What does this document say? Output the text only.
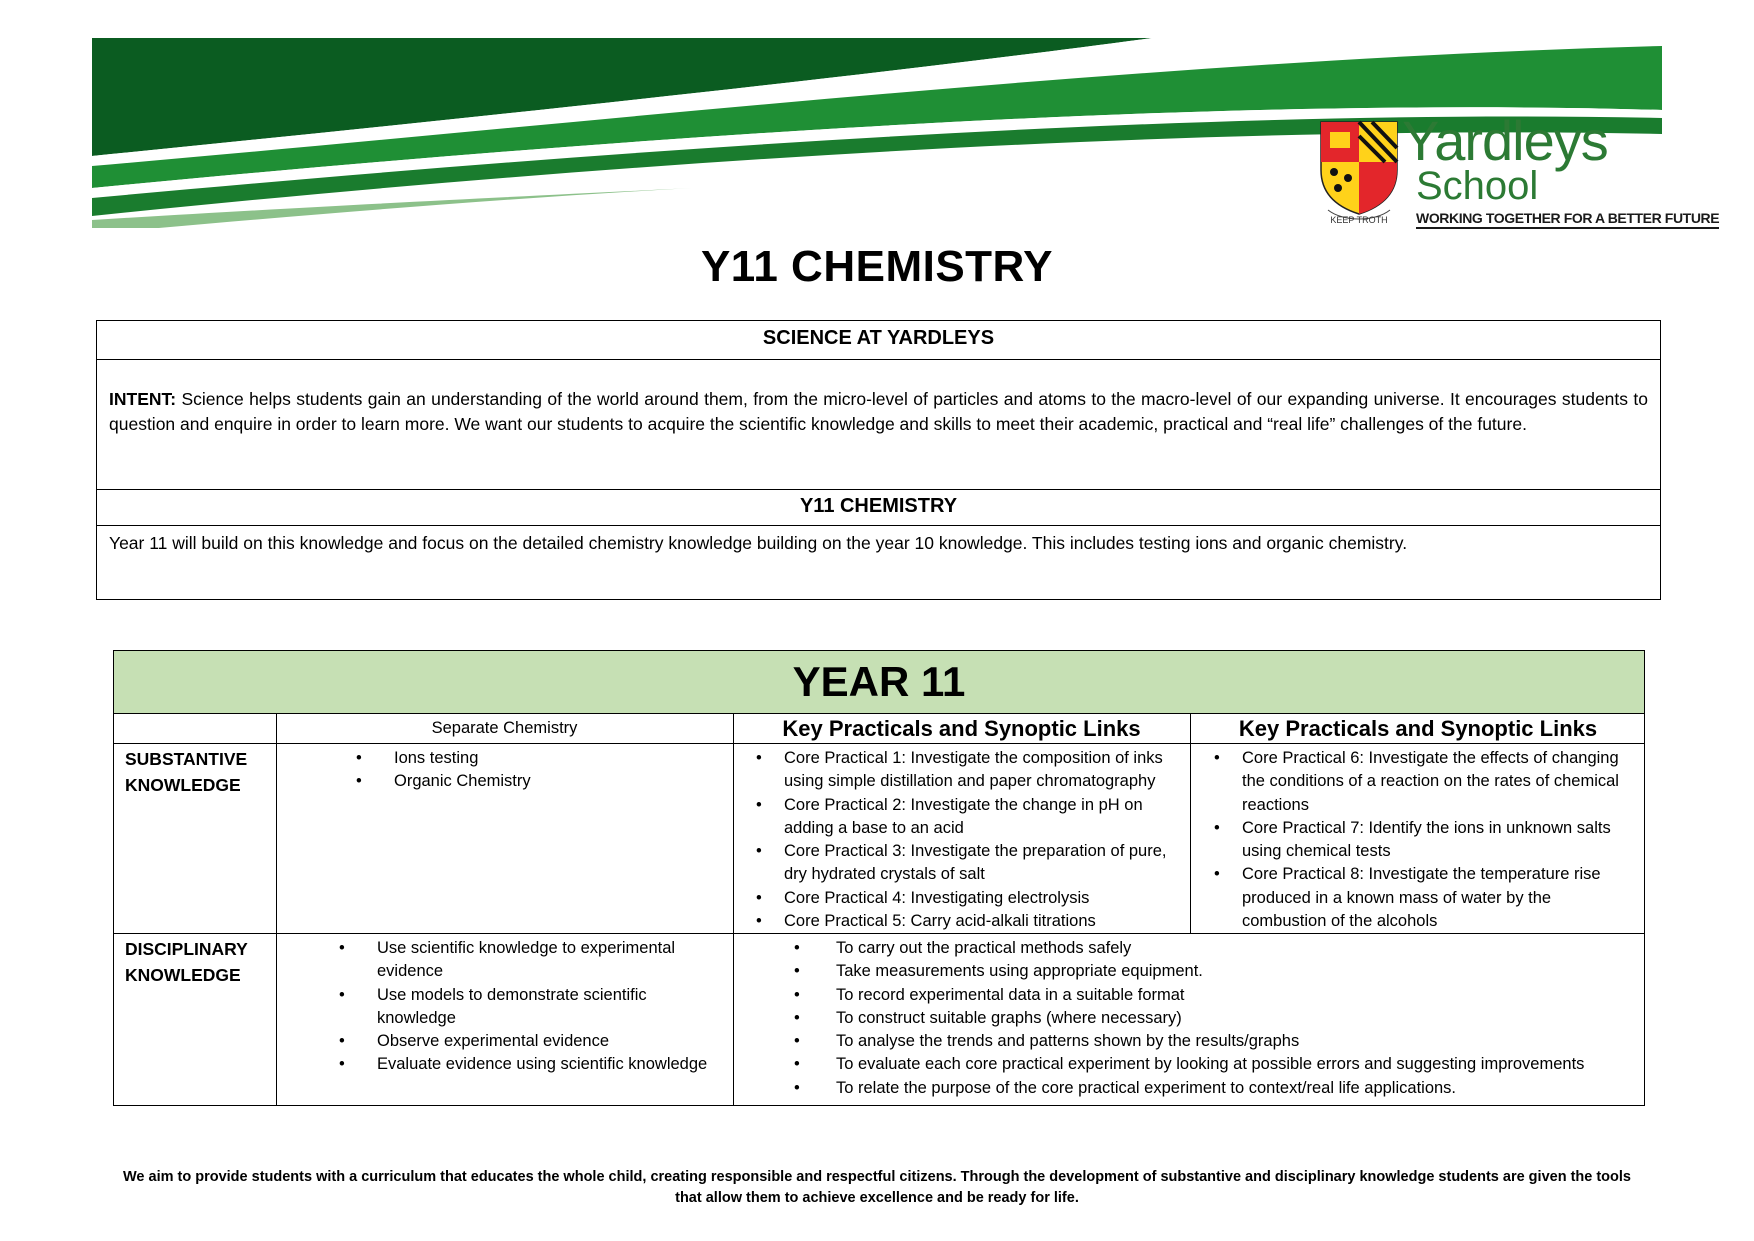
KEEP TROTH
Yardleys
School
WORKING TOGETHER FOR A BETTER FUTURE
Y11 CHEMISTRY
SCIENCE AT YARDLEYS
INTENT: Science helps students gain an understanding of the world around them, from the micro-level of particles and atoms to the macro-level of our expanding universe. It encourages students to question and enquire in order to learn more. We want our students to acquire the scientific knowledge and skills to meet their academic, practical and “real life” challenges of the future.
Y11 CHEMISTRY
Year 11 will build on this knowledge and focus on the detailed chemistry knowledge building on the year 10 knowledge. This includes testing ions and organic chemistry.
YEAR 11
Separate Chemistry	Key Practicals and Synoptic Links	Key Practicals and Synoptic Links
SUBSTANTIVE KNOWLEDGE
DISCIPLINARY KNOWLEDGE
• Ions testing
• Organic Chemistry
• Core Practical 1: Investigate the composition of inks using simple distillation and paper chromatography
• Core Practical 2: Investigate the change in pH on adding a base to an acid
• Core Practical 3: Investigate the preparation of pure, dry hydrated crystals of salt
• Core Practical 4: Investigating electrolysis
• Core Practical 5: Carry acid-alkali titrations
• Core Practical 6: Investigate the effects of changing the conditions of a reaction on the rates of chemical reactions
• Core Practical 7: Identify the ions in unknown salts using chemical tests
• Core Practical 8: Investigate the temperature rise produced in a known mass of water by the combustion of the alcohols
• Use scientific knowledge to experimental evidence
• Use models to demonstrate scientific knowledge
• Observe experimental evidence
• Evaluate evidence using scientific knowledge
• To carry out the practical methods safely
• Take measurements using appropriate equipment.
• To record experimental data in a suitable format
• To construct suitable graphs (where necessary)
• To analyse the trends and patterns shown by the results/graphs
• To evaluate each core practical experiment by looking at possible errors and suggesting improvements
• To relate the purpose of the core practical experiment to context/real life applications.
We aim to provide students with a curriculum that educates the whole child, creating responsible and respectful citizens. Through the development of substantive and disciplinary knowledge students are given the tools that allow them to achieve excellence and be ready for life.
